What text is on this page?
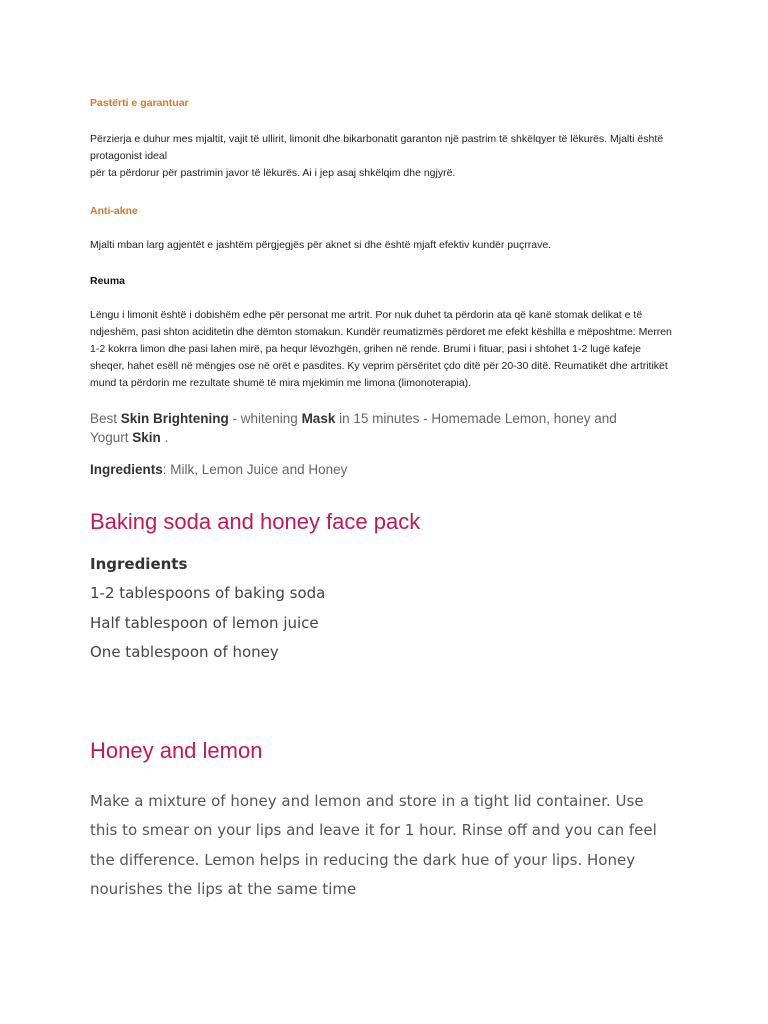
Pastërti e garantuar

Përzierja e duhur mes mjaltit, vajit të ullirit, limonit dhe bikarbonatit garanton një pastrim të shkëlqyer të lëkurës. Mjalti është protagonist ideal

për ta përdorur për pastrimin javor të lëkurës. Ai i jep asaj shkëlqim dhe ngjyrë.

Anti-akne

Mjalti mban larg agjentët e jashtëm përgjegjës për aknet si dhe është mjaft efektiv kundër puçrrave.

Reuma

Lëngu i limonit është i dobishëm edhe për personat me artrit. Por nuk duhet ta përdorin ata që kanë stomak delikat e të ndjeshëm, pasi shton aciditetin dhe dëmton stomakun. Kundër reumatizmës përdoret me efekt këshilla e mëposhtme: Merren 1-2 kokrra limon dhe pasi lahen mirë, pa hequr lëvozhgën, grihen në rende. Brumi i fituar, pasi i shtohet 1-2 lugë kafeje sheqer, hahet esëll në mëngjes ose në orët e pasdites. Ky veprim përsëritet çdo ditë për 20-30 ditë. Reumatikët dhe artritikët mund ta përdorin me rezultate shumë të mira mjekimin me limona (limonoterapia).

Best Skin Brightening - whitening Mask in 15 minutes - Homemade Lemon, honey and Yogurt Skin .

Ingredients: Milk, Lemon Juice and Honey

Baking soda and honey face pack
Ingredients

1-2 tablespoons of baking soda

Half tablespoon of lemon juice

One tablespoon of honey

Honey and lemon

Make a mixture of honey and lemon and store in a tight lid container. Use this to smear on your lips and leave it for 1 hour. Rinse off and you can feel the difference. Lemon helps in reducing the dark hue of your lips. Honey nourishes the lips at the same time
